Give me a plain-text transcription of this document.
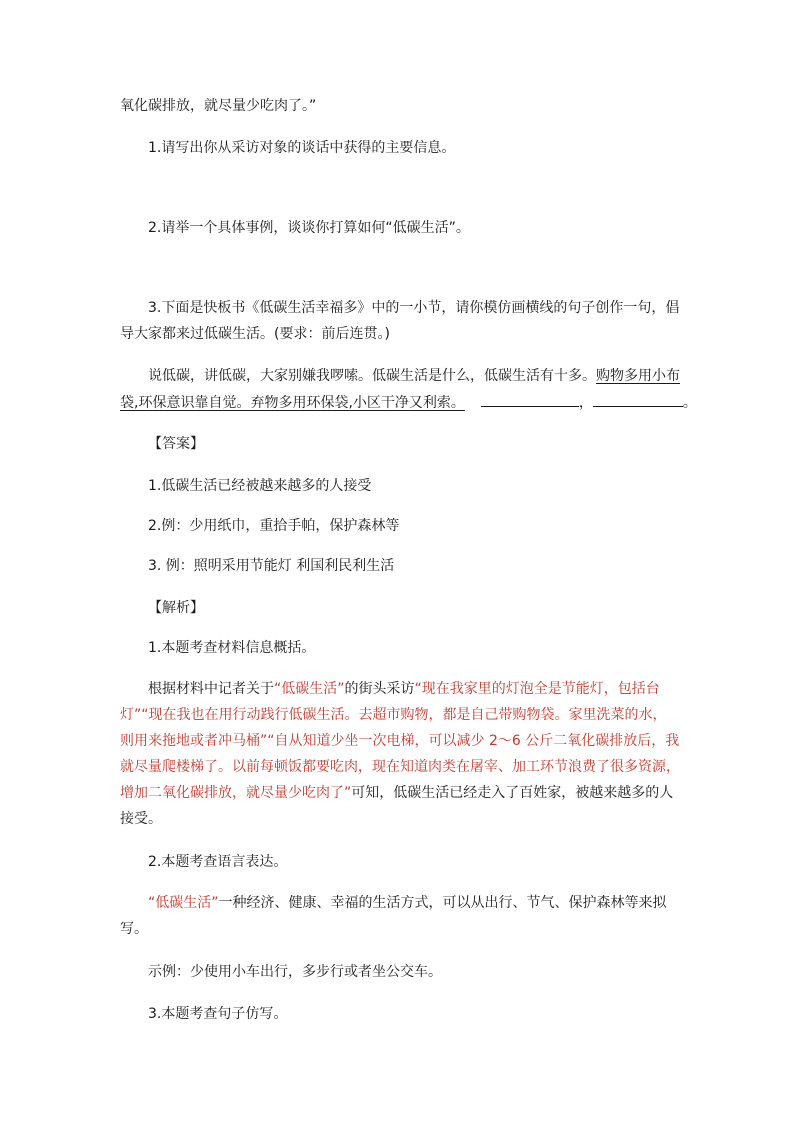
氧化碳排放，就尽量少吃肉了。”
1.请写出你从采访对象的谈话中获得的主要信息。
2.请举一个具体事例，谈谈你打算如何“低碳生活”。
3.下面是快板书《低碳生活幸福多》中的一小节，请你模仿画横线的句子创作一句，倡
导大家都来过低碳生活。(要求：前后连贯。)
说低碳，讲低碳，大家别嫌我啰嗦。低碳生活是什么，低碳生活有十多。购物多用小布
袋,环保意识靠自觉。弃物多用环保袋,小区干净又利索。	，	。
【答案】
1.低碳生活已经被越来越多的人接受
2.例：少用纸巾，重拾手帕，保护森林等
3. 例：照明采用节能灯 利国利民利生活
【解析】
1.本题考查材料信息概括。
根据材料中记者关于“低碳生活”的街头采访“现在我家里的灯泡全是节能灯，包括台
灯”“现在我也在用行动践行低碳生活。去超市购物，都是自己带购物袋。家里洗菜的水，
则用来拖地或者冲马桶”“自从知道少坐一次电梯，可以减少 2～6 公斤二氧化碳排放后，我
就尽量爬楼梯了。以前每顿饭都要吃肉，现在知道肉类在屠宰、加工环节浪费了很多资源，
增加二氧化碳排放，就尽量少吃肉了”可知，低碳生活已经走入了百姓家，被越来越多的人
接受。
2.本题考查语言表达。
“低碳生活”一种经济、健康、幸福的生活方式，可以从出行、节气、保护森林等来拟
写。
示例：少使用小车出行，多步行或者坐公交车。
3.本题考查句子仿写。
